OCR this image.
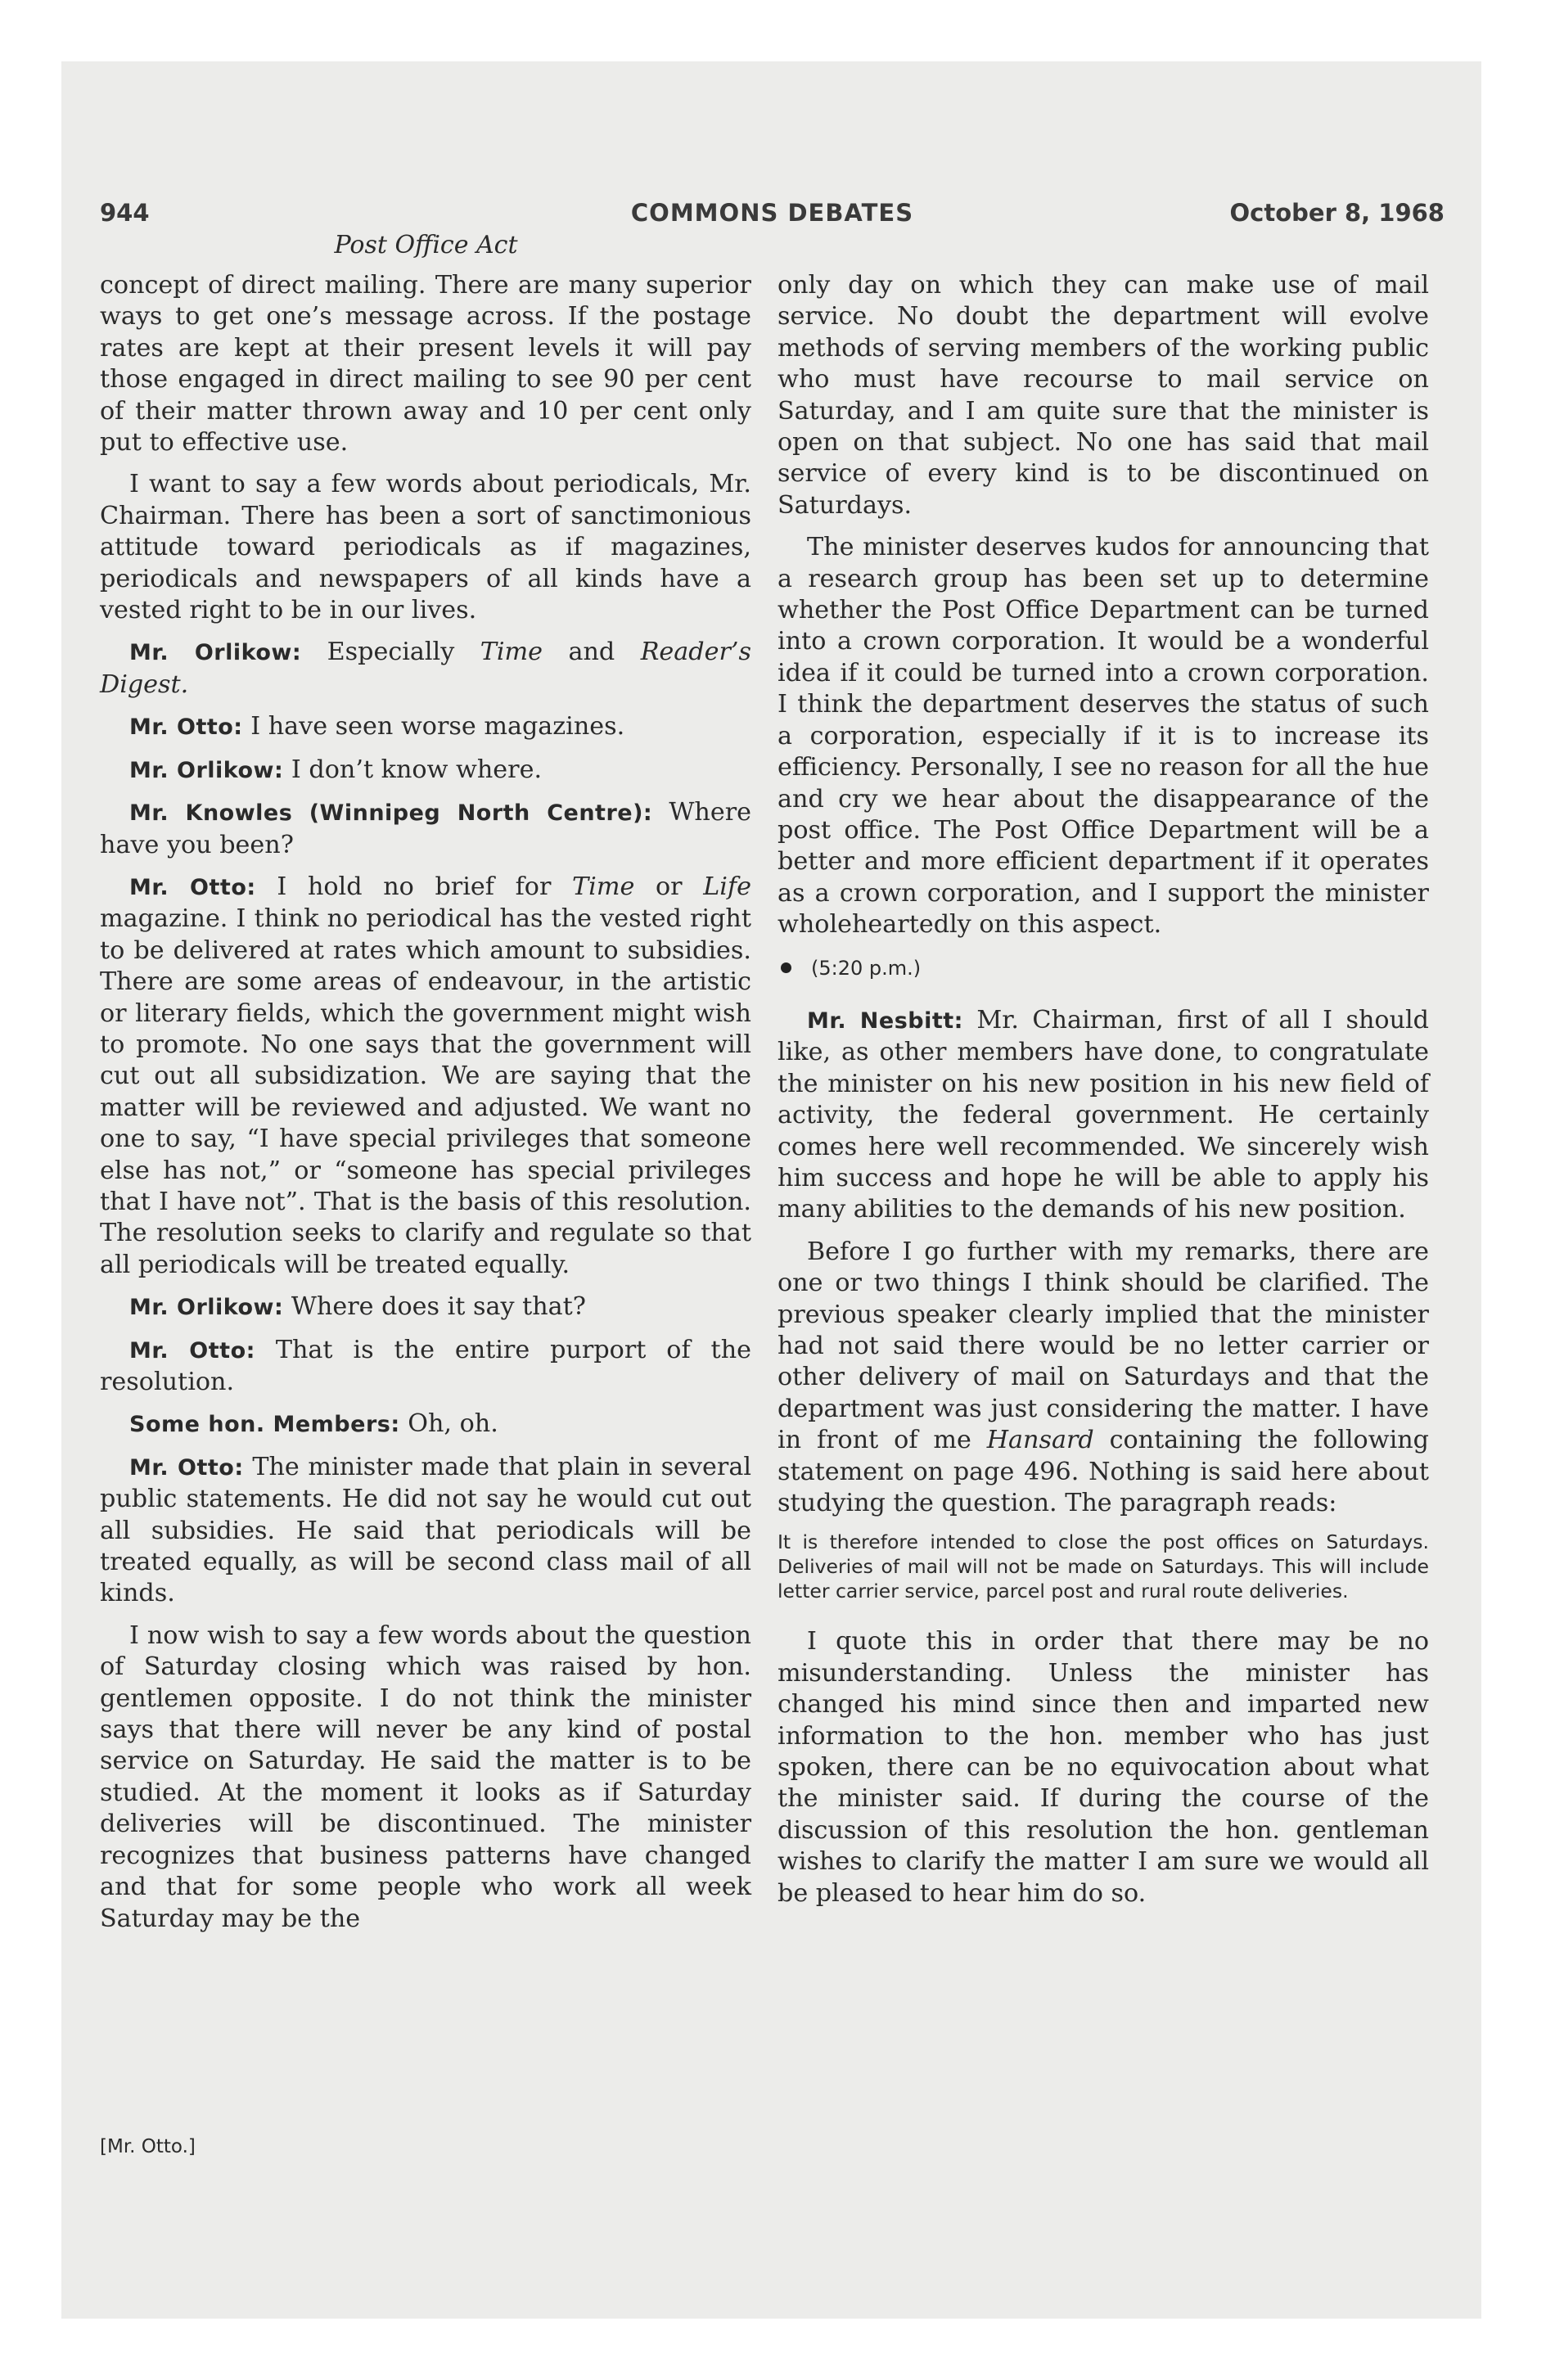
944	COMMONS DEBATES	October 8, 1968
Post Office Act

concept of direct mailing. There are many superior ways to get one’s message across. If the postage rates are kept at their present levels it will pay those engaged in direct mailing to see 90 per cent of their matter thrown away and 10 per cent only put to effective use.

I want to say a few words about periodicals, Mr. Chairman. There has been a sort of sanctimonious attitude toward periodicals as if magazines, periodicals and newspapers of all kinds have a vested right to be in our lives.

Mr. Orlikow: Especially Time and Reader’s Digest.

Mr. Otto: I have seen worse magazines.

Mr. Orlikow: I don’t know where.

Mr. Knowles (Winnipeg North Centre): Where have you been?

Mr. Otto: I hold no brief for Time or Life magazine. I think no periodical has the vested right to be delivered at rates which amount to subsidies. There are some areas of endeavour, in the artistic or literary fields, which the government might wish to promote. No one says that the government will cut out all subsidization. We are saying that the matter will be reviewed and adjusted. We want no one to say, “I have special privileges that someone else has not,” or “someone has special privileges that I have not”. That is the basis of this resolution. The resolution seeks to clarify and regulate so that all periodicals will be treated equally.

Mr. Orlikow: Where does it say that?

Mr. Otto: That is the entire purport of the resolution.

Some hon. Members: Oh, oh.

Mr. Otto: The minister made that plain in several public statements. He did not say he would cut out all subsidies. He said that periodicals will be treated equally, as will be second class mail of all kinds.

I now wish to say a few words about the question of Saturday closing which was raised by hon. gentlemen opposite. I do not think the minister says that there will never be any kind of postal service on Saturday. He said the matter is to be studied. At the moment it looks as if Saturday deliveries will be discontinued. The minister recognizes that business patterns have changed and that for some people who work all week Saturday may be the

only day on which they can make use of mail service. No doubt the department will evolve methods of serving members of the working public who must have recourse to mail service on Saturday, and I am quite sure that the minister is open on that subject. No one has said that mail service of every kind is to be discontinued on Saturdays.

The minister deserves kudos for announcing that a research group has been set up to determine whether the Post Office Department can be turned into a crown corporation. It would be a wonderful idea if it could be turned into a crown corporation. I think the department deserves the status of such a corporation, especially if it is to increase its efficiency. Personally, I see no reason for all the hue and cry we hear about the disappearance of the post office. The Post Office Department will be a better and more efficient department if it operates as a crown corporation, and I support the minister wholeheartedly on this aspect.

(5:20 p.m.)

Mr. Nesbitt: Mr. Chairman, first of all I should like, as other members have done, to congratulate the minister on his new position in his new field of activity, the federal government. He certainly comes here well recommended. We sincerely wish him success and hope he will be able to apply his many abilities to the demands of his new position.

Before I go further with my remarks, there are one or two things I think should be clarified. The previous speaker clearly implied that the minister had not said there would be no letter carrier or other delivery of mail on Saturdays and that the department was just considering the matter. I have in front of me Hansard containing the following statement on page 496. Nothing is said here about studying the question. The paragraph reads:

It is therefore intended to close the post offices on Saturdays. Deliveries of mail will not be made on Saturdays. This will include letter carrier service, parcel post and rural route deliveries.

I quote this in order that there may be no misunderstanding. Unless the minister has changed his mind since then and imparted new information to the hon. member who has just spoken, there can be no equivocation about what the minister said. If during the course of the discussion of this resolution the hon. gentleman wishes to clarify the matter I am sure we would all be pleased to hear him do so.

[Mr. Otto.]
